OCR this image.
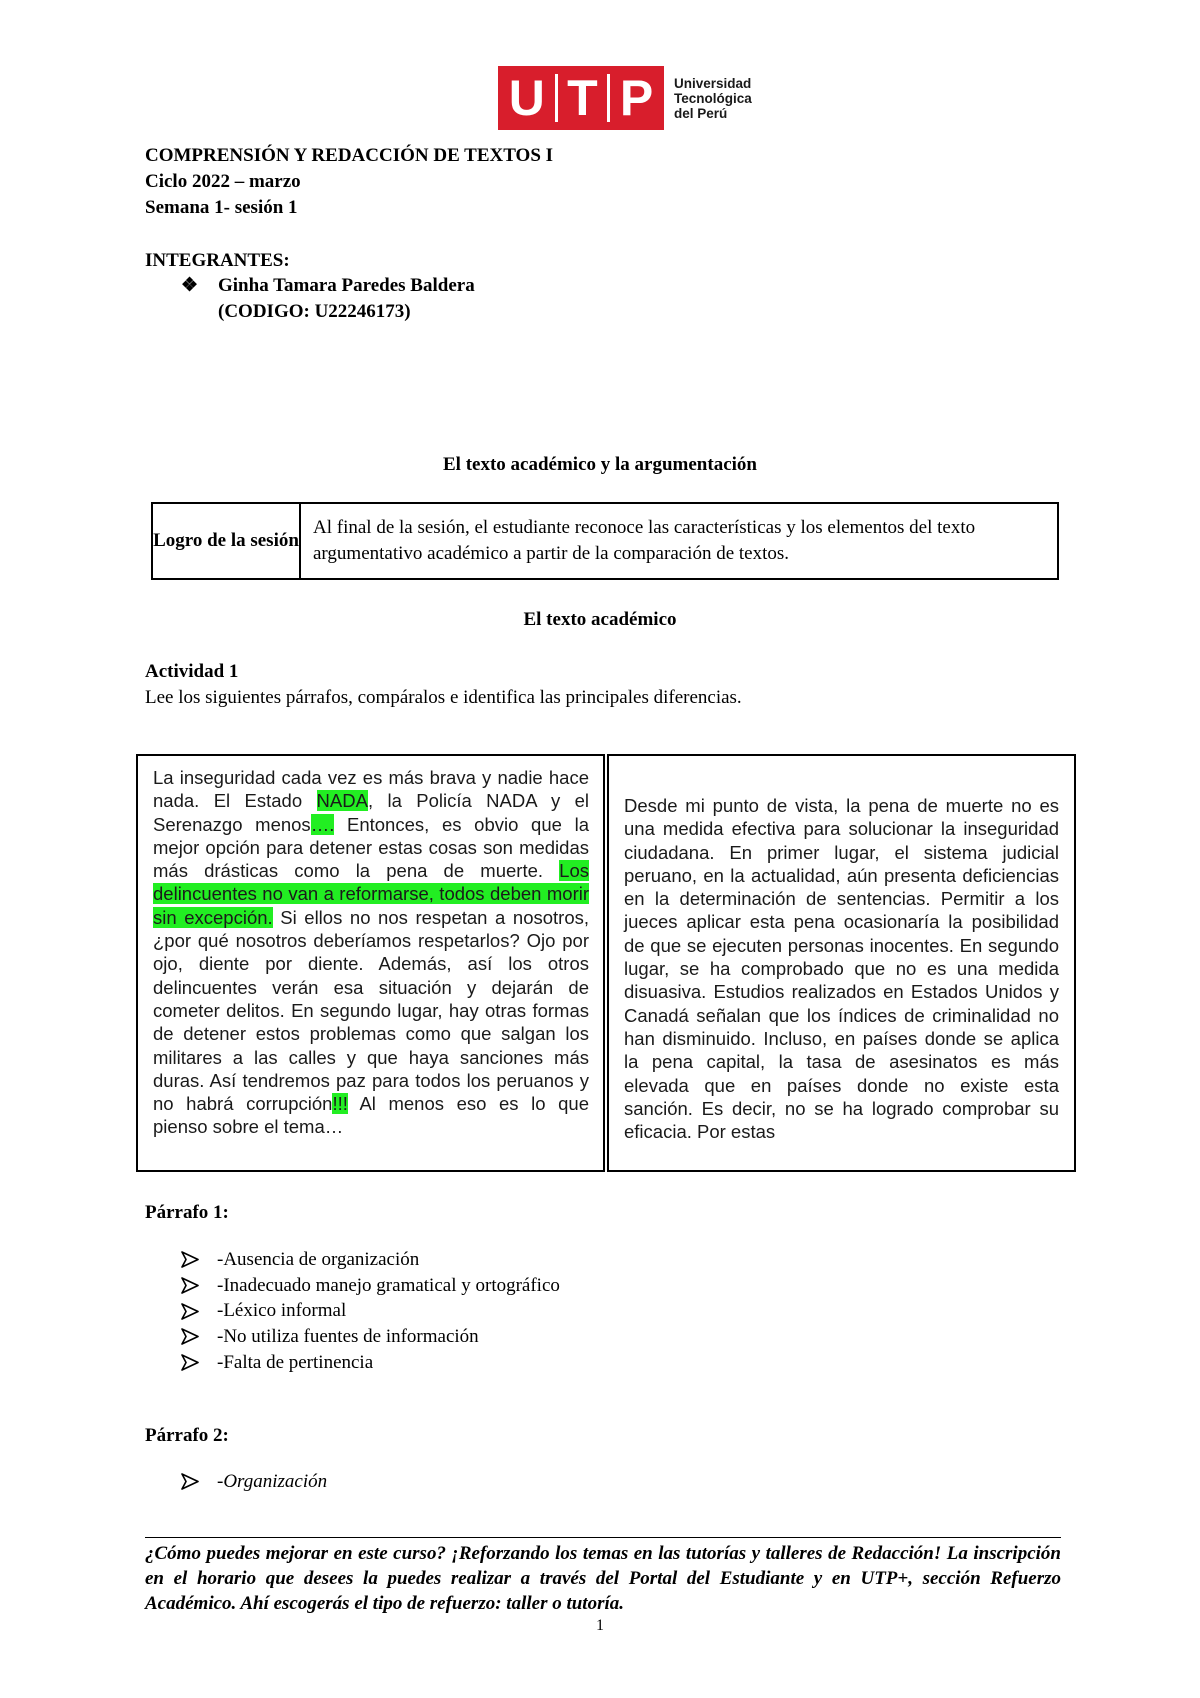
U T P Universidad
Tecnológica
del Perú
COMPRENSIÓN Y REDACCIÓN DE TEXTOS I
Ciclo 2022 – marzo
Semana 1- sesión 1
INTEGRANTES:
❖ Ginha Tamara Paredes Baldera
(CODIGO: U22246173)
El texto académico y la argumentación
Logro de la sesión
Al final de la sesión, el estudiante reconoce las características y los elementos del texto argumentativo académico a partir de la comparación de textos.
El texto académico
Actividad 1
Lee los siguientes párrafos, compáralos e identifica las principales diferencias.
La inseguridad cada vez es más brava y nadie hace nada. El Estado NADA, la Policía NADA y el Serenazgo menos…. Entonces, es obvio que la mejor opción para detener estas cosas son medidas más drásticas como la pena de muerte. Los delincuentes no van a reformarse, todos deben morir sin excepción. Si ellos no nos respetan a nosotros, ¿por qué nosotros deberíamos respetarlos? Ojo por ojo, diente por diente. Además, así los otros delincuentes verán esa situación y dejarán de cometer delitos. En segundo lugar, hay otras formas de detener estos problemas como que salgan los militares a las calles y que haya sanciones más duras. Así tendremos paz para todos los peruanos y no habrá corrupción!!! Al menos eso es lo que pienso sobre el tema…
Desde mi punto de vista, la pena de muerte no es una medida efectiva para solucionar la inseguridad ciudadana. En primer lugar, el sistema judicial peruano, en la actualidad, aún presenta deficiencias en la determinación de sentencias. Permitir a los jueces aplicar esta pena ocasionaría la posibilidad de que se ejecuten personas inocentes. En segundo lugar, se ha comprobado que no es una medida disuasiva. Estudios realizados en Estados Unidos y Canadá señalan que los índices de criminalidad no han disminuido. Incluso, en países donde se aplica la pena capital, la tasa de asesinatos es más elevada que en países donde no existe esta sanción. Es decir, no se ha logrado comprobar su eficacia. Por estas
Párrafo 1:
-Ausencia de organización
-Inadecuado manejo gramatical y ortográfico
-Léxico informal
-No utiliza fuentes de información
-Falta de pertinencia
Párrafo 2:
-Organización
¿Cómo puedes mejorar en este curso? ¡Reforzando los temas en las tutorías y talleres de Redacción! La inscripción en el horario que desees la puedes realizar a través del Portal del Estudiante y en UTP+, sección Refuerzo Académico. Ahí escogerás el tipo de refuerzo: taller o tutoría.
1
